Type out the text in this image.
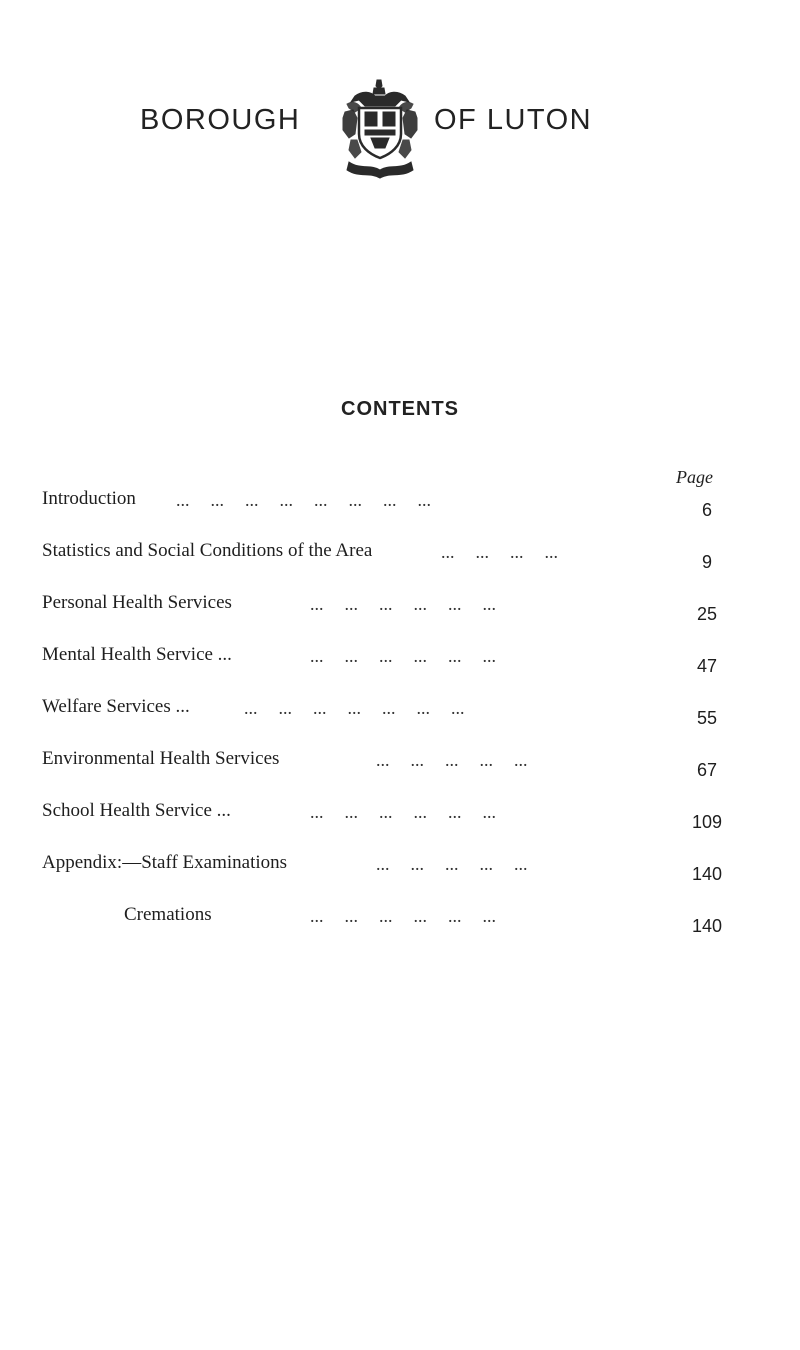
BOROUGH	OF LUTON
CONTENTS
Page
Introduction ...  ...  ...  ...  ...  ...  ...  ...	6
Statistics and Social Conditions of the Area	...  ...  ...  ...	9
Personal Health Services	...  ...  ...  ...  ...  ...	25
Mental Health Service ...	...  ...  ...  ...  ...  ...	47
Welfare Services ...	...  ...  ...  ...  ...  ...  ...	55
Environmental Health Services	...  ...  ...  ...  ...	67
School Health Service ...	...  ...  ...  ...  ...  ...	109
Appendix:—Staff Examinations	...  ...  ...  ...  ...	140
Cremations	...  ...  ...  ...  ...  ...	140
